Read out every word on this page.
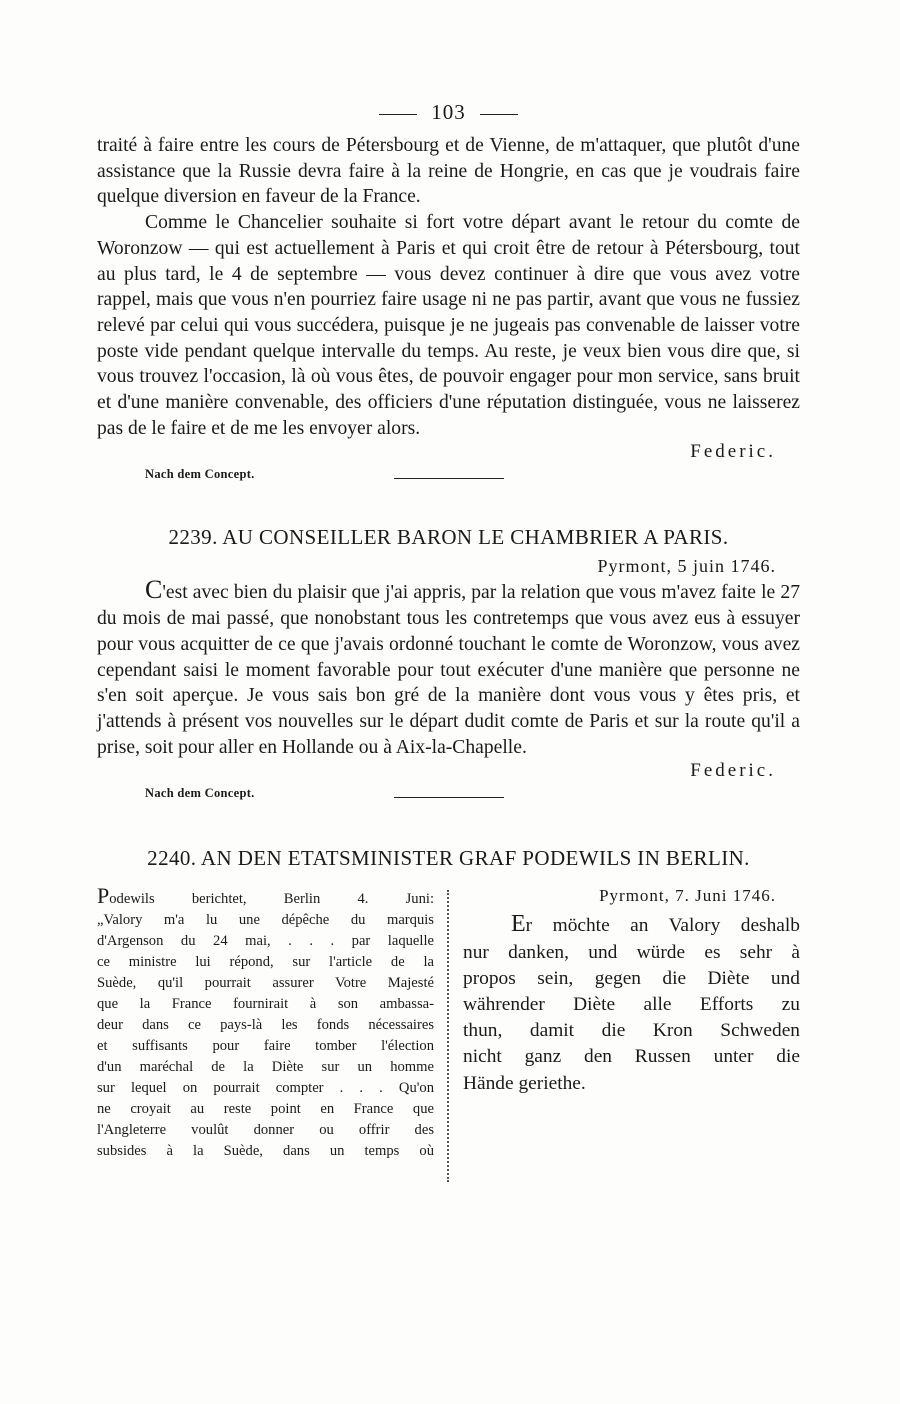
103

traité à faire entre les cours de Pétersbourg et de Vienne, de m'attaquer, que plutôt d'une assistance que la Russie devra faire à la reine de Hongrie, en cas que je voudrais faire quelque diversion en faveur de la France.

Comme le Chancelier souhaite si fort votre départ avant le retour du comte de Woronzow — qui est actuellement à Paris et qui croit être de retour à Pétersbourg, tout au plus tard, le 4 de septembre — vous devez continuer à dire que vous avez votre rappel, mais que vous n'en pourriez faire usage ni ne pas partir, avant que vous ne fussiez relevé par celui qui vous succédera, puisque je ne jugeais pas convenable de laisser votre poste vide pendant quelque intervalle du temps. Au reste, je veux bien vous dire que, si vous trouvez l'occasion, là où vous êtes, de pouvoir engager pour mon service, sans bruit et d'une manière convenable, des officiers d'une réputation distinguée, vous ne laisserez pas de le faire et de me les envoyer alors.

Federic.
Nach dem Concept.
2239. AU CONSEILLER BARON LE CHAMBRIER A PARIS.
Pyrmont, 5 juin 1746.

C'est avec bien du plaisir que j'ai appris, par la relation que vous m'avez faite le 27 du mois de mai passé, que nonobstant tous les contretemps que vous avez eus à essuyer pour vous acquitter de ce que j'avais ordonné touchant le comte de Woronzow, vous avez cependant saisi le moment favorable pour tout exécuter d'une manière que personne ne s'en soit aperçue. Je vous sais bon gré de la manière dont vous vous y êtes pris, et j'attends à présent vos nouvelles sur le départ dudit comte de Paris et sur la route qu'il a prise, soit pour aller en Hollande ou à Aix-la-Chapelle.

Federic.
Nach dem Concept.
2240. AN DEN ETATSMINISTER GRAF PODEWILS IN BERLIN.
Podewils berichtet, Berlin 4. Juni:
„Valory m'a lu une dépêche du marquis
d'Argenson du 24 mai, . . . par laquelle
ce ministre lui répond, sur l'article de la
Suède, qu'il pourrait assurer Votre Majesté
que la France fournirait à son ambassa-
deur dans ce pays-là les fonds nécessaires
et suffisants pour faire tomber l'élection
d'un maréchal de la Diète sur un homme
sur lequel on pourrait compter . . . Qu'on
ne croyait au reste point en France que
l'Angleterre voulût donner ou offrir des
subsides à la Suède, dans un temps où
Pyrmont, 7. Juni 1746.
Er möchte an Valory deshalb
nur danken, und würde es sehr à
propos sein, gegen die Diète und
währender Diète alle Efforts zu
thun, damit die Kron Schweden
nicht ganz den Russen unter die
Hände geriethe.
